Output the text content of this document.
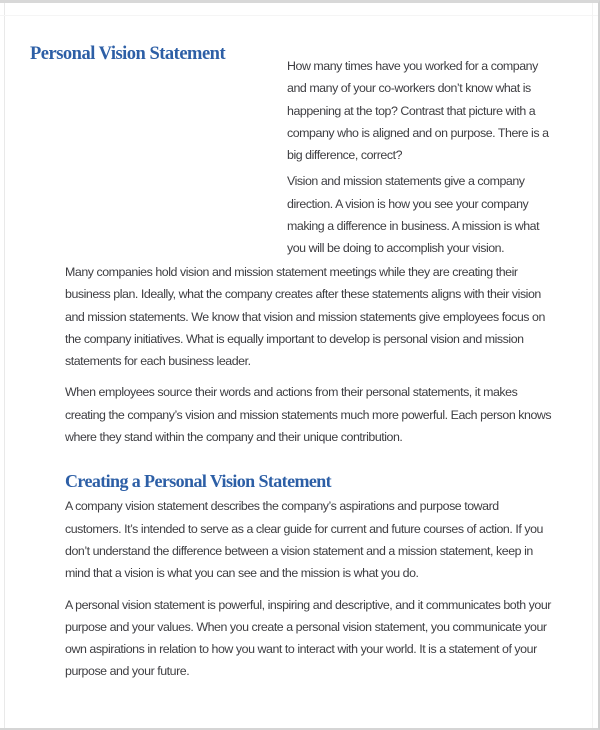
Personal Vision Statement

How many times have you worked for a company and many of your co-workers don’t know what is happening at the top? Contrast that picture with a company who is aligned and on purpose. There is a big difference, correct?

Vision and mission statements give a company direction. A vision is how you see your company making a difference in business. A mission is what you will be doing to accomplish your vision.

Many companies hold vision and mission statement meetings while they are creating their business plan. Ideally, what the company creates after these statements aligns with their vision and mission statements. We know that vision and mission statements give employees focus on the company initiatives. What is equally important to develop is personal vision and mission statements for each business leader.

When employees source their words and actions from their personal statements, it makes creating the company’s vision and mission statements much more powerful. Each person knows where they stand within the company and their unique contribution.

Creating a Personal Vision Statement

A company vision statement describes the company’s aspirations and purpose toward customers. It’s intended to serve as a clear guide for current and future courses of action. If you don’t understand the difference between a vision statement and a mission statement, keep in mind that a vision is what you can see and the mission is what you do.

A personal vision statement is powerful, inspiring and descriptive, and it communicates both your purpose and your values. When you create a personal vision statement, you communicate your own aspirations in relation to how you want to interact with your world. It is a statement of your purpose and your future.
